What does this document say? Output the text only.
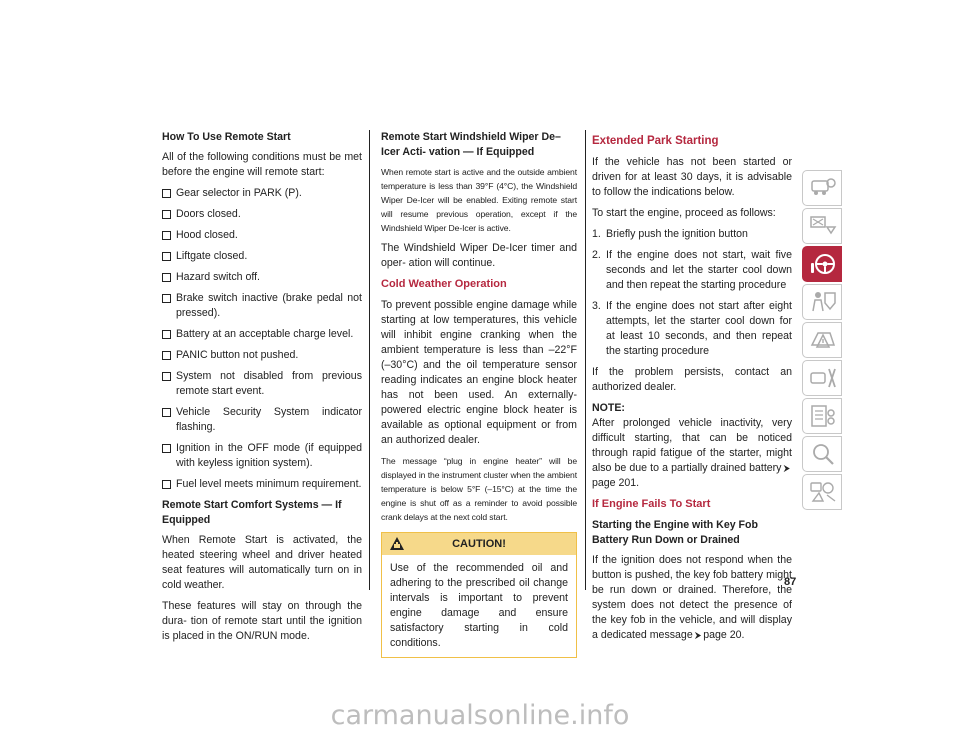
How To Use Remote Start

All of the following conditions must be met before the engine will remote start:

Gear selector in PARK (P).
Doors closed.
Hood closed.
Liftgate closed.
Hazard switch off.
Brake switch inactive (brake pedal not pressed).
Battery at an acceptable charge level.
PANIC button not pushed.
System not disabled from previous remote start event.
Vehicle Security System indicator flashing.
Ignition in the OFF mode (if equipped with keyless ignition system).
Fuel level meets minimum requirement.
Remote Start Comfort Systems — If Equipped

When Remote Start is activated, the heated steering wheel and driver heated seat features will automatically turn on in cold weather.

These features will stay on through the dura- tion of remote start until the ignition is placed in the ON/RUN mode.

Remote Start Windshield Wiper De–Icer Acti- vation — If Equipped

When remote start is active and the outside ambient temperature is less than 39°F (4°C), the Windshield Wiper De-Icer will be enabled. Exiting remote start will resume previous operation, except if the Windshield Wiper De-Icer is active.

The Windshield Wiper De-Icer timer and oper- ation will continue.

Cold Weather Operation

To prevent possible engine damage while starting at low temperatures, this vehicle will inhibit engine cranking when the ambient temperature is less than –22°F (–30°C) and the oil temperature sensor reading indicates an engine block heater has not been used. An externally-powered electric engine block heater is available as optional equipment or from an authorized dealer.

The message “plug in engine heater” will be displayed in the instrument cluster when the ambient temperature is below 5°F (–15°C) at the time the engine is shut off as a reminder to avoid possible crank delays at the next cold start.

CAUTION!
Use of the recommended oil and adhering to the prescribed oil change intervals is important to prevent engine damage and ensure satisfactory starting in cold conditions.
Extended Park Starting

If the vehicle has not been started or driven for at least 30 days, it is advisable to follow the indications below.

To start the engine, proceed as follows:

1. Briefly push the ignition button
2. If the engine does not start, wait five seconds and let the starter cool down and then repeat the starting procedure
3. If the engine does not start after eight attempts, let the starter cool down for at least 10 seconds, and then repeat the starting procedure

If the problem persists, contact an authorized dealer.

NOTE:

After prolonged vehicle inactivity, very difficult starting, that can be noticed through rapid fatigue of the starter, might also be due to a partially drained battery ⮞page 201.

If Engine Fails To Start
Starting the Engine with Key Fob Battery Run Down or Drained

If the ignition does not respond when the button is pushed, the key fob battery might be run down or drained. Therefore, the system does not detect the presence of the key fob in the vehicle, and will display a dedicated message ⮞ page 20.

87
carmanualsonline.info
